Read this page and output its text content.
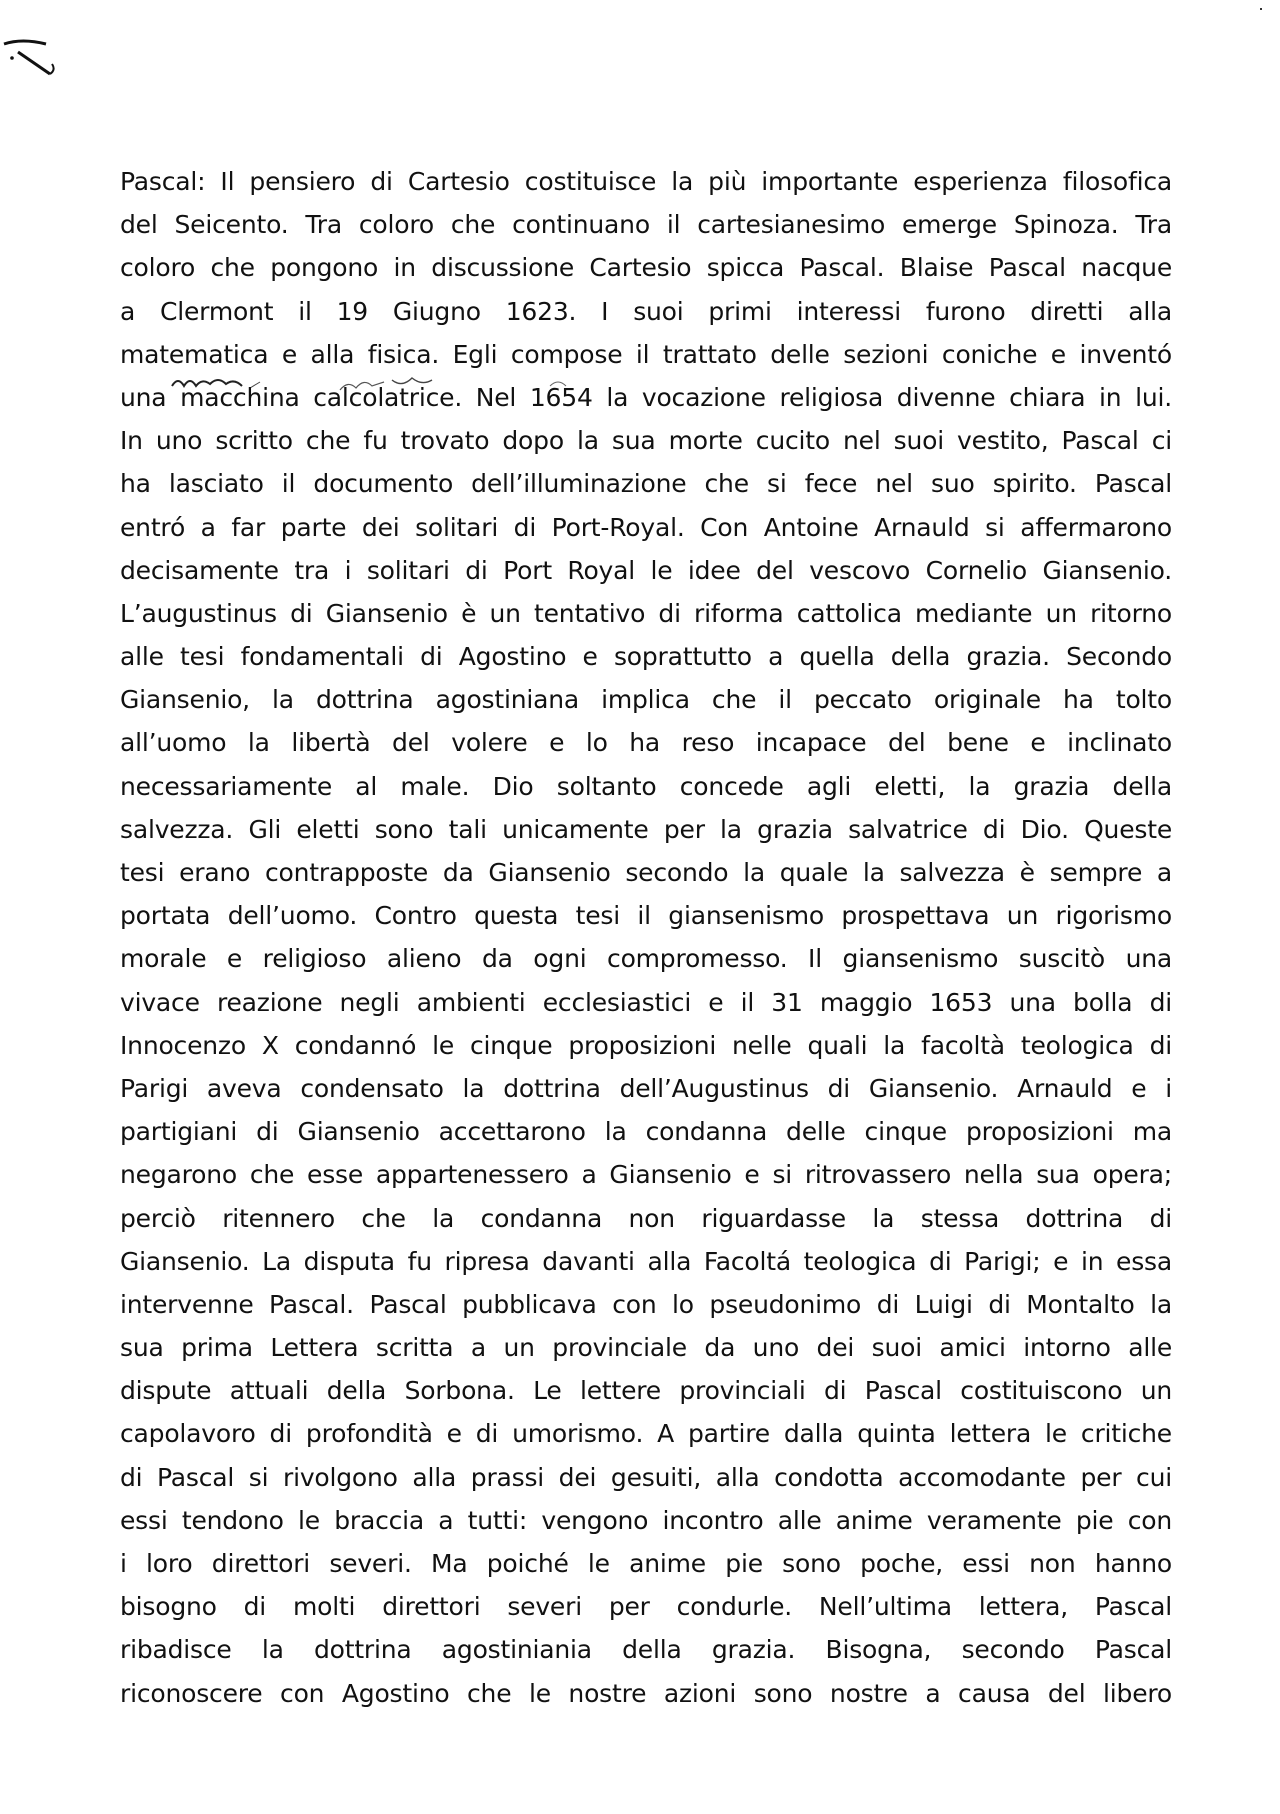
Pascal: Il pensiero di Cartesio costituisce la più importante esperienza filosofica
del Seicento. Tra coloro che continuano il cartesianesimo emerge Spinoza. Tra
coloro che pongono in discussione Cartesio spicca Pascal. Blaise Pascal nacque
a Clermont il 19 Giugno 1623. I suoi primi interessi furono diretti alla
matematica e alla fisica. Egli compose il trattato delle sezioni coniche e inventó
una macchina calcolatrice. Nel 1654 la vocazione religiosa divenne chiara in lui.
In uno scritto che fu trovato dopo la sua morte cucito nel suoi vestito, Pascal ci
ha lasciato il documento dell’illuminazione che si fece nel suo spirito. Pascal
entró a far parte dei solitari di Port-Royal. Con Antoine Arnauld si affermarono
decisamente tra i solitari di Port Royal le idee del vescovo Cornelio Giansenio.
L’augustinus di Giansenio è un tentativo di riforma cattolica mediante un ritorno
alle tesi fondamentali di Agostino e soprattutto a quella della grazia. Secondo
Giansenio, la dottrina agostiniana implica che il peccato originale ha tolto
all’uomo la libertà del volere e lo ha reso incapace del bene e inclinato
necessariamente al male. Dio soltanto concede agli eletti, la grazia della
salvezza. Gli eletti sono tali unicamente per la grazia salvatrice di Dio. Queste
tesi erano contrapposte da Giansenio secondo la quale la salvezza è sempre a
portata dell’uomo. Contro questa tesi il giansenismo prospettava un rigorismo
morale e religioso alieno da ogni compromesso. Il giansenismo suscitò una
vivace reazione negli ambienti ecclesiastici e il 31 maggio 1653 una bolla di
Innocenzo X condannó le cinque proposizioni nelle quali la facoltà teologica di
Parigi aveva condensato la dottrina dell’Augustinus di Giansenio. Arnauld e i
partigiani di Giansenio accettarono la condanna delle cinque proposizioni ma
negarono che esse appartenessero a Giansenio e si ritrovassero nella sua opera;
perciò ritennero che la condanna non riguardasse la stessa dottrina di
Giansenio. La disputa fu ripresa davanti alla Facoltá teologica di Parigi; e in essa
intervenne Pascal. Pascal pubblicava con lo pseudonimo di Luigi di Montalto la
sua prima Lettera scritta a un provinciale da uno dei suoi amici intorno alle
dispute attuali della Sorbona. Le lettere provinciali di Pascal costituiscono un
capolavoro di profondità e di umorismo. A partire dalla quinta lettera le critiche
di Pascal si rivolgono alla prassi dei gesuiti, alla condotta accomodante per cui
essi tendono le braccia a tutti: vengono incontro alle anime veramente pie con
i loro direttori severi. Ma poiché le anime pie sono poche, essi non hanno
bisogno di molti direttori severi per condurle. Nell’ultima lettera, Pascal
ribadisce la dottrina agostiniania della grazia. Bisogna, secondo Pascal
riconoscere con Agostino che le nostre azioni sono nostre a causa del libero
